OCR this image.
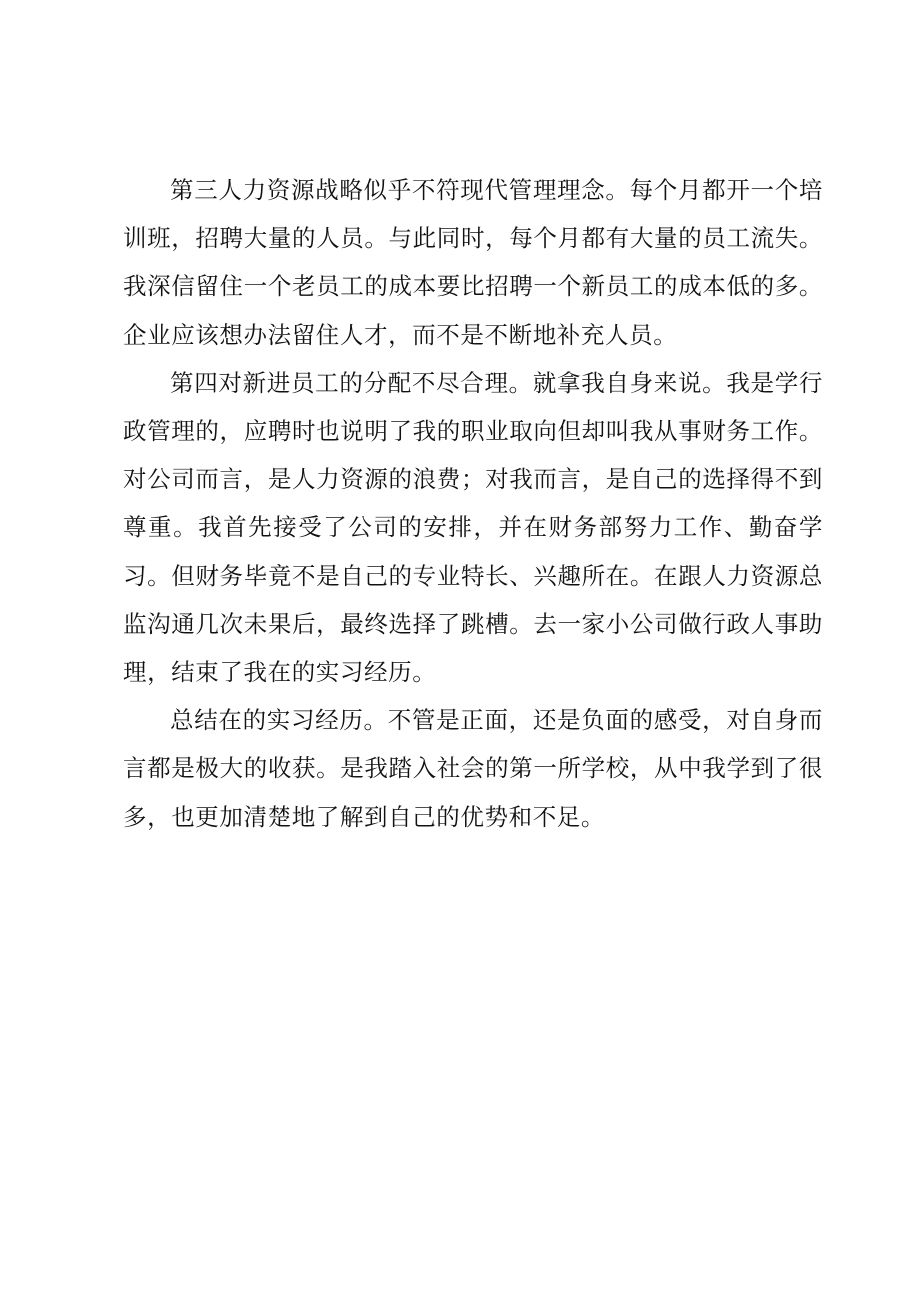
第三人力资源战略似乎不符现代管理理念。每个月都开一个培训班，招聘大量的人员。与此同时，每个月都有大量的员工流失。我深信留住一个老员工的成本要比招聘一个新员工的成本低的多。企业应该想办法留住人才，而不是不断地补充人员。

第四对新进员工的分配不尽合理。就拿我自身来说。我是学行政管理的，应聘时也说明了我的职业取向但却叫我从事财务工作。对公司而言，是人力资源的浪费；对我而言，是自己的选择得不到尊重。我首先接受了公司的安排，并在财务部努力工作、勤奋学习。但财务毕竟不是自己的专业特长、兴趣所在。在跟人力资源总监沟通几次未果后，最终选择了跳槽。去一家小公司做行政人事助理，结束了我在的实习经历。

总结在的实习经历。不管是正面，还是负面的感受，对自身而言都是极大的收获。是我踏入社会的第一所学校，从中我学到了很多，也更加清楚地了解到自己的优势和不足。
